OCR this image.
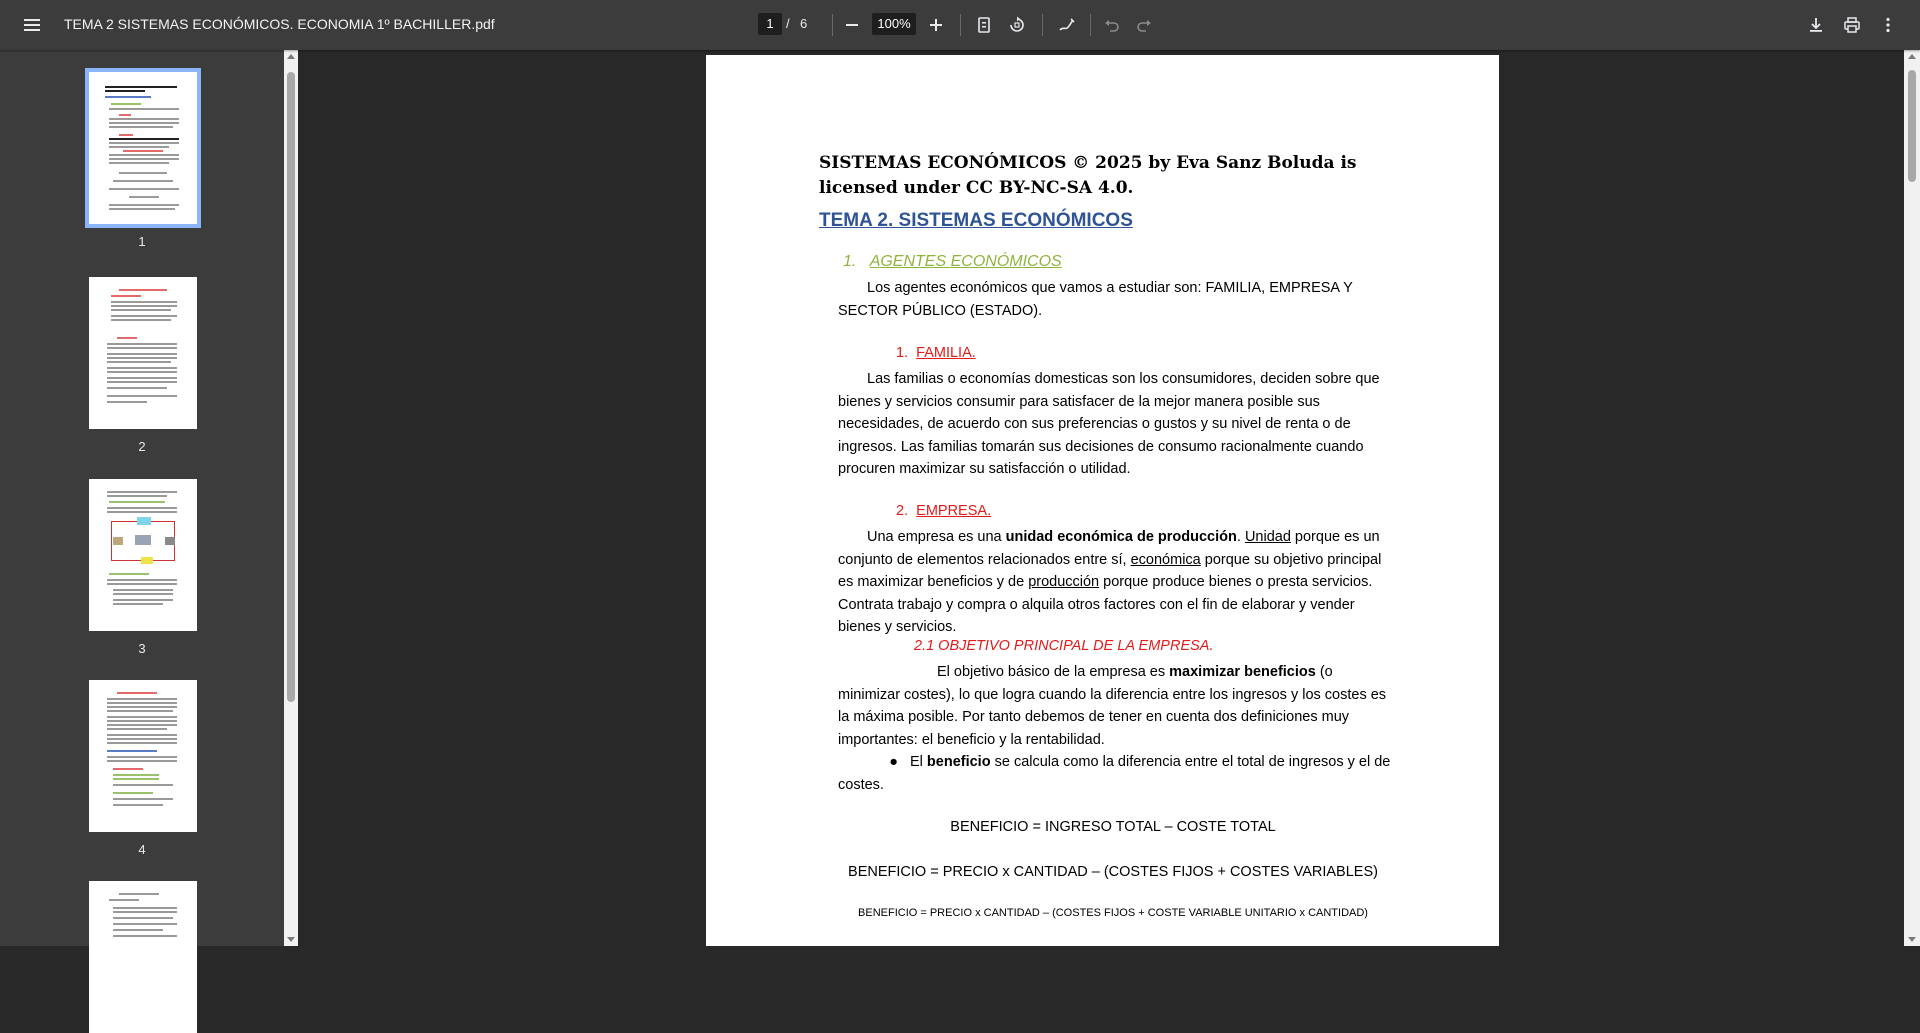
TEMA 2 SISTEMAS ECONÓMICOS. ECONOMIA 1º BACHILLER.pdf	1 / 6	100%
1
2
3
4
SISTEMAS ECONÓMICOS © 2025 by Eva Sanz Boluda is licensed under CC BY-NC-SA 4.0.
TEMA 2. SISTEMAS ECONÓMICOS
1. AGENTES ECONÓMICOS
Los agentes económicos que vamos a estudiar son: FAMILIA, EMPRESA Y SECTOR PÚBLICO (ESTADO).
1. FAMILIA.
Las familias o economías domesticas son los consumidores, deciden sobre que bienes y servicios consumir para satisfacer de la mejor manera posible sus necesidades, de acuerdo con sus preferencias o gustos y su nivel de renta o de ingresos. Las familias tomarán sus decisiones de consumo racionalmente cuando procuren maximizar su satisfacción o utilidad.
2. EMPRESA.
Una empresa es una unidad económica de producción. Unidad porque es un conjunto de elementos relacionados entre sí, económica porque su objetivo principal es maximizar beneficios y de producción porque produce bienes o presta servicios. Contrata trabajo y compra o alquila otros factores con el fin de elaborar y vender bienes y servicios.
2.1 OBJETIVO PRINCIPAL DE LA EMPRESA.
El objetivo básico de la empresa es maximizar beneficios (o minimizar costes), lo que logra cuando la diferencia entre los ingresos y los costes es la máxima posible. Por tanto debemos de tener en cuenta dos definiciones muy importantes: el beneficio y la rentabilidad.
● El beneficio se calcula como la diferencia entre el total de ingresos y el de costes.
BENEFICIO = INGRESO TOTAL – COSTE TOTAL
BENEFICIO = PRECIO x CANTIDAD – (COSTES FIJOS + COSTES VARIABLES)
BENEFICIO = PRECIO x CANTIDAD – (COSTES FIJOS + COSTE VARIABLE UNITARIO x CANTIDAD)
